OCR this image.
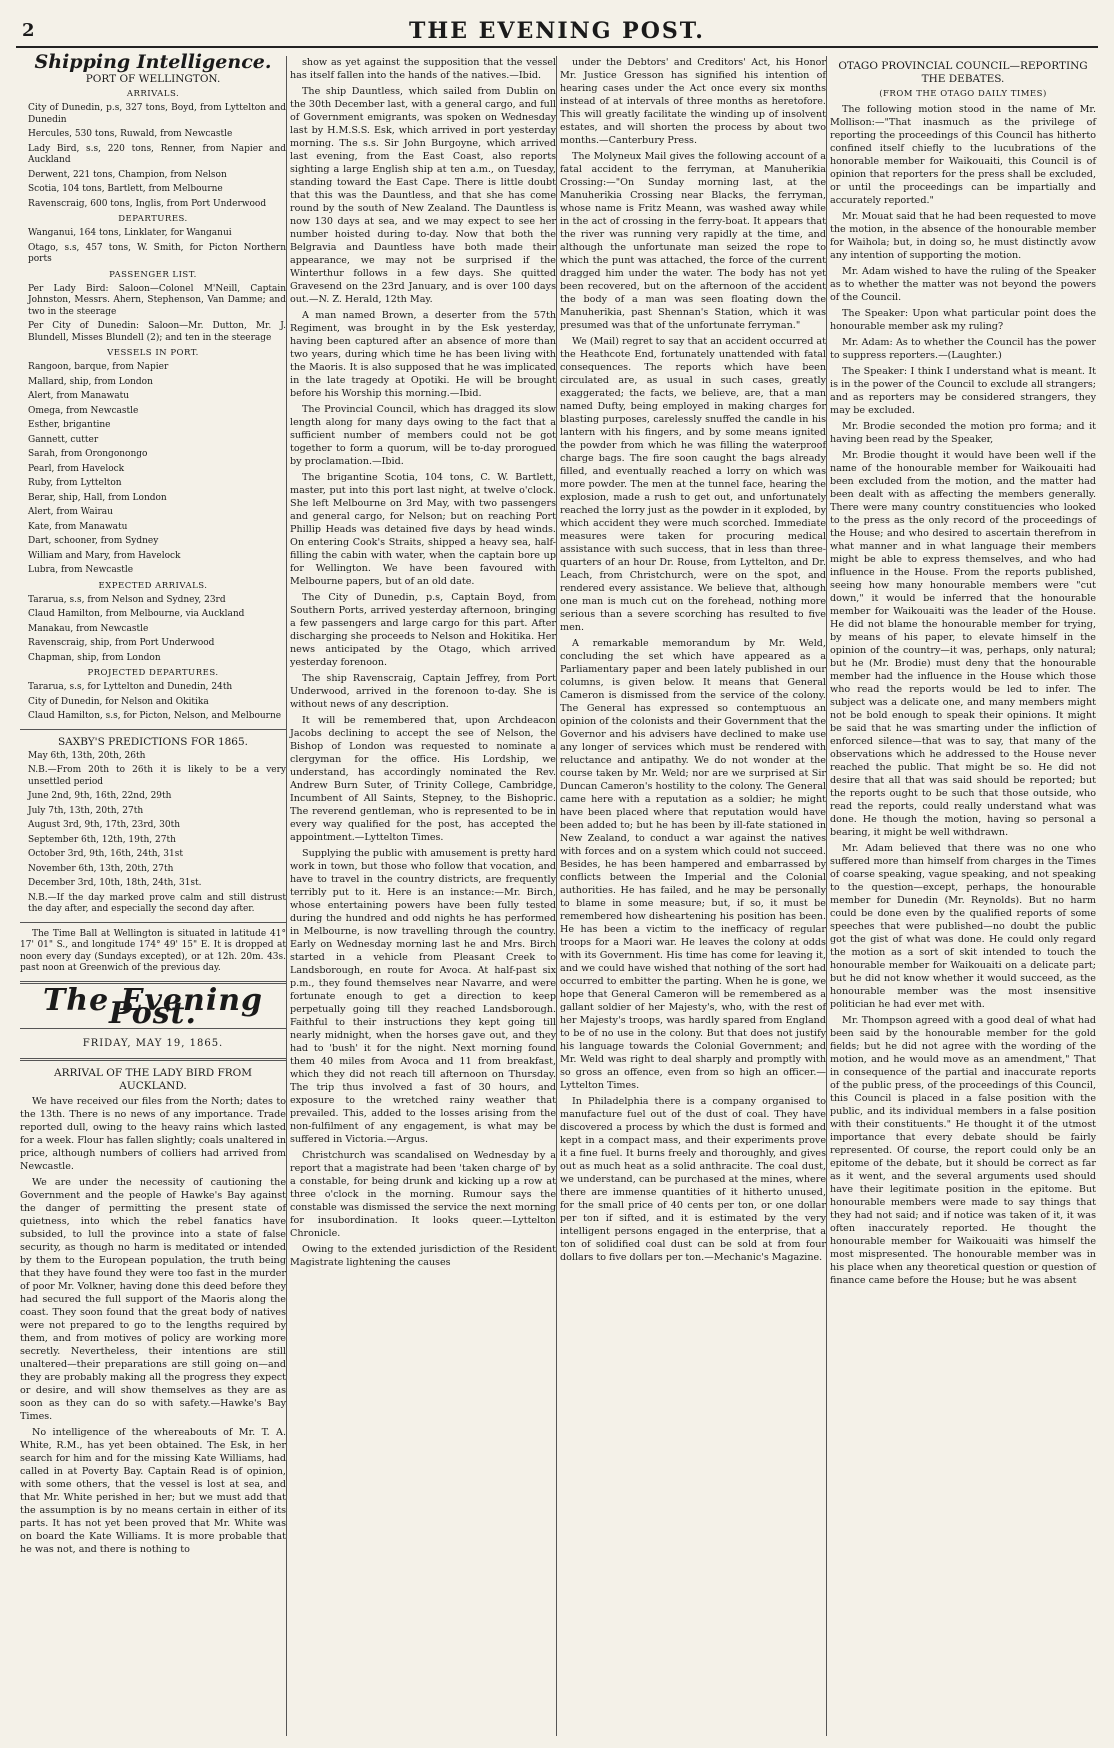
2	THE EVENING POST.
Shipping Intelligence.
PORT OF WELLINGTON.
ARRIVALS.

City of Dunedin, p.s, 327 tons, Boyd, from Lyttelton and Dunedin

Hercules, 530 tons, Ruwald, from Newcastle

Lady Bird, s.s, 220 tons, Renner, from Napier and Auckland

Derwent, 221 tons, Champion, from Nelson

Scotia, 104 tons, Bartlett, from Melbourne

Ravenscraig, 600 tons, Inglis, from Port Underwood

DEPARTURES.

Wanganui, 164 tons, Linklater, for Wanganui

Otago, s.s, 457 tons, W. Smith, for Picton Northern ports

PASSENGER LIST.

Per Lady Bird: Saloon—Colonel M'Neill, Captain Johnston, Messrs. Ahern, Stephenson, Van Damme; and two in the steerage

Per City of Dunedin: Saloon—Mr. Dutton, Mr. J. Blundell, Misses Blundell (2); and ten in the steerage

VESSELS IN PORT.

Rangoon, barque, from Napier

Mallard, ship, from London

Alert, from Manawatu

Omega, from Newcastle

Esther, brigantine

Gannett, cutter

Sarah, from Orongonongo

Pearl, from Havelock

Ruby, from Lyttelton

Berar, ship, Hall, from London

Alert, from Wairau

Kate, from Manawatu

Dart, schooner, from Sydney

William and Mary, from Havelock

Lubra, from Newcastle

EXPECTED ARRIVALS.

Tararua, s.s, from Nelson and Sydney, 23rd

Claud Hamilton, from Melbourne, via Auckland

Manakau, from Newcastle

Ravenscraig, ship, from Port Underwood

Chapman, ship, from London

PROJECTED DEPARTURES.

Tararua, s.s, for Lyttelton and Dunedin, 24th

City of Dunedin, for Nelson and Okitika

Claud Hamilton, s.s, for Picton, Nelson, and Melbourne

SAXBY'S PREDICTIONS FOR 1865.

May 6th, 13th, 20th, 26th

N.B.—From 20th to 26th it is likely to be a very unsettled period

June 2nd, 9th, 16th, 22nd, 29th

July 7th, 13th, 20th, 27th

August 3rd, 9th, 17th, 23rd, 30th

September 6th, 12th, 19th, 27th

October 3rd, 9th, 16th, 24th, 31st

November 6th, 13th, 20th, 27th

December 3rd, 10th, 18th, 24th, 31st.

N.B.—If the day marked prove calm and still distrust the day after, and especially the second day after.

The Time Ball at Wellington is situated in latitude 41° 17' 01" S., and longitude 174° 49' 15" E. It is dropped at noon every day (Sundays excepted), or at 12h. 20m. 43s. past noon at Greenwich of the previous day.

The Evening Post.
FRIDAY, MAY 19, 1865.
ARRIVAL OF THE LADY BIRD FROM AUCKLAND.

We have received our files from the North; dates to the 13th. There is no news of any importance. Trade reported dull, owing to the heavy rains which lasted for a week. Flour has fallen slightly; coals unaltered in price, although numbers of colliers had arrived from Newcastle.

We are under the necessity of cautioning the Government and the people of Hawke's Bay against the danger of permitting the present state of quietness, into which the rebel fanatics have subsided, to lull the province into a state of false security, as though no harm is meditated or intended by them to the European population, the truth being that they have found they were too fast in the murder of poor Mr. Volkner, having done this deed before they had secured the full support of the Maoris along the coast. They soon found that the great body of natives were not prepared to go to the lengths required by them, and from motives of policy are working more secretly. Nevertheless, their intentions are still unaltered—their preparations are still going on—and they are probably making all the progress they expect or desire, and will show themselves as they are as soon as they can do so with safety.—Hawke's Bay Times.

No intelligence of the whereabouts of Mr. T. A. White, R.M., has yet been obtained. The Esk, in her search for him and for the missing Kate Williams, had called in at Poverty Bay. Captain Read is of opinion, with some others, that the vessel is lost at sea, and that Mr. White perished in her; but we must add that the assumption is by no means certain in either of its parts. It has not yet been proved that Mr. White was on board the Kate Williams. It is more probable that he was not, and there is nothing to

show as yet against the supposition that the vessel has itself fallen into the hands of the natives.—Ibid.

The ship Dauntless, which sailed from Dublin on the 30th December last, with a general cargo, and full of Government emigrants, was spoken on Wednesday last by H.M.S.S. Esk, which arrived in port yesterday morning. The s.s. Sir John Burgoyne, which arrived last evening, from the East Coast, also reports sighting a large English ship at ten a.m., on Tuesday, standing toward the East Cape. There is little doubt that this was the Dauntless, and that she has come round by the south of New Zealand. The Dauntless is now 130 days at sea, and we may expect to see her number hoisted during to-day. Now that both the Belgravia and Dauntless have both made their appearance, we may not be surprised if the Winterthur follows in a few days. She quitted Gravesend on the 23rd January, and is over 100 days out.—N. Z. Herald, 12th May.

A man named Brown, a deserter from the 57th Regiment, was brought in by the Esk yesterday, having been captured after an absence of more than two years, during which time he has been living with the Maoris. It is also supposed that he was implicated in the late tragedy at Opotiki. He will be brought before his Worship this morning.—Ibid.

The Provincial Council, which has dragged its slow length along for many days owing to the fact that a sufficient number of members could not be got together to form a quorum, will be to-day prorogued by proclamation.—Ibid.

The brigantine Scotia, 104 tons, C. W. Bartlett, master, put into this port last night, at twelve o'clock. She left Melbourne on 3rd May, with two passengers and general cargo, for Nelson; but on reaching Port Phillip Heads was detained five days by head winds. On entering Cook's Straits, shipped a heavy sea, half-filling the cabin with water, when the captain bore up for Wellington. We have been favoured with Melbourne papers, but of an old date.

The City of Dunedin, p.s, Captain Boyd, from Southern Ports, arrived yesterday afternoon, bringing a few passengers and large cargo for this part. After discharging she proceeds to Nelson and Hokitika. Her news anticipated by the Otago, which arrived yesterday forenoon.

The ship Ravenscraig, Captain Jeffrey, from Port Underwood, arrived in the forenoon to-day. She is without news of any description.

It will be remembered that, upon Archdeacon Jacobs declining to accept the see of Nelson, the Bishop of London was requested to nominate a clergyman for the office. His Lordship, we understand, has accordingly nominated the Rev. Andrew Burn Suter, of Trinity College, Cambridge, Incumbent of All Saints, Stepney, to the Bishopric. The reverend gentleman, who is represented to be in every way qualified for the post, has accepted the appointment.—Lyttelton Times.

Supplying the public with amusement is pretty hard work in town, but those who follow that vocation, and have to travel in the country districts, are frequently terribly put to it. Here is an instance:—Mr. Birch, whose entertaining powers have been fully tested during the hundred and odd nights he has performed in Melbourne, is now travelling through the country. Early on Wednesday morning last he and Mrs. Birch started in a vehicle from Pleasant Creek to Landsborough, en route for Avoca. At half-past six p.m., they found themselves near Navarre, and were fortunate enough to get a direction to keep perpetually going till they reached Landsborough. Faithful to their instructions they kept going till nearly midnight, when the horses gave out, and they had to 'bush' it for the night. Next morning found them 40 miles from Avoca and 11 from breakfast, which they did not reach till afternoon on Thursday. The trip thus involved a fast of 30 hours, and exposure to the wretched rainy weather that prevailed. This, added to the losses arising from the non-fulfilment of any engagement, is what may be suffered in Victoria.—Argus.

Christchurch was scandalised on Wednesday by a report that a magistrate had been 'taken charge of' by a constable, for being drunk and kicking up a row at three o'clock in the morning. Rumour says the constable was dismissed the service the next morning for insubordination. It looks queer.—Lyttelton Chronicle.

Owing to the extended jurisdiction of the Resident Magistrate lightening the causes

under the Debtors' and Creditors' Act, his Honor Mr. Justice Gresson has signified his intention of hearing cases under the Act once every six months instead of at intervals of three months as heretofore. This will greatly facilitate the winding up of insolvent estates, and will shorten the process by about two months.—Canterbury Press.

The Molyneux Mail gives the following account of a fatal accident to the ferryman, at Manuherikia Crossing:—"On Sunday morning last, at the Manuherikia Crossing near Blacks, the ferryman, whose name is Fritz Meann, was washed away while in the act of crossing in the ferry-boat. It appears that the river was running very rapidly at the time, and although the unfortunate man seized the rope to which the punt was attached, the force of the current dragged him under the water. The body has not yet been recovered, but on the afternoon of the accident the body of a man was seen floating down the Manuherikia, past Shennan's Station, which it was presumed was that of the unfortunate ferryman."

We (Mail) regret to say that an accident occurred at the Heathcote End, fortunately unattended with fatal consequences. The reports which have been circulated are, as usual in such cases, greatly exaggerated; the facts, we believe, are, that a man named Dufty, being employed in making charges for blasting purposes, carelessly snuffed the candle in his lantern with his fingers, and by some means ignited the powder from which he was filling the waterproof charge bags. The fire soon caught the bags already filled, and eventually reached a lorry on which was more powder. The men at the tunnel face, hearing the explosion, made a rush to get out, and unfortunately reached the lorry just as the powder in it exploded, by which accident they were much scorched. Immediate measures were taken for procuring medical assistance with such success, that in less than three-quarters of an hour Dr. Rouse, from Lyttelton, and Dr. Leach, from Christchurch, were on the spot, and rendered every assistance. We believe that, although one man is much cut on the forehead, nothing more serious than a severe scorching has resulted to five men.

A remarkable memorandum by Mr. Weld, concluding the set which have appeared as a Parliamentary paper and been lately published in our columns, is given below. It means that General Cameron is dismissed from the service of the colony. The General has expressed so contemptuous an opinion of the colonists and their Government that the Governor and his advisers have declined to make use any longer of services which must be rendered with reluctance and antipathy. We do not wonder at the course taken by Mr. Weld; nor are we surprised at Sir Duncan Cameron's hostility to the colony. The General came here with a reputation as a soldier; he might have been placed where that reputation would have been added to; but he has been by ill-fate stationed in New Zealand, to conduct a war against the natives with forces and on a system which could not succeed. Besides, he has been hampered and embarrassed by conflicts between the Imperial and the Colonial authorities. He has failed, and he may be personally to blame in some measure; but, if so, it must be remembered how disheartening his position has been. He has been a victim to the inefficacy of regular troops for a Maori war. He leaves the colony at odds with its Government. His time has come for leaving it, and we could have wished that nothing of the sort had occurred to embitter the parting. When he is gone, we hope that General Cameron will be remembered as a gallant soldier of her Majesty's, who, with the rest of her Majesty's troops, was hardly spared from England to be of no use in the colony. But that does not justify his language towards the Colonial Government; and Mr. Weld was right to deal sharply and promptly with so gross an offence, even from so high an officer.—Lyttelton Times.

In Philadelphia there is a company organised to manufacture fuel out of the dust of coal. They have discovered a process by which the dust is formed and kept in a compact mass, and their experiments prove it a fine fuel. It burns freely and thoroughly, and gives out as much heat as a solid anthracite. The coal dust, we understand, can be purchased at the mines, where there are immense quantities of it hitherto unused, for the small price of 40 cents per ton, or one dollar per ton if sifted, and it is estimated by the very intelligent persons engaged in the enterprise, that a ton of solidified coal dust can be sold at from four dollars to five dollars per ton.—Mechanic's Magazine.

OTAGO PROVINCIAL COUNCIL—REPORTING THE DEBATES.
(FROM THE OTAGO DAILY TIMES)

The following motion stood in the name of Mr. Mollison:—"That inasmuch as the privilege of reporting the proceedings of this Council has hitherto confined itself chiefly to the lucubrations of the honorable member for Waikouaiti, this Council is of opinion that reporters for the press shall be excluded, or until the proceedings can be impartially and accurately reported."

Mr. Mouat said that he had been requested to move the motion, in the absence of the honourable member for Waihola; but, in doing so, he must distinctly avow any intention of supporting the motion.

Mr. Adam wished to have the ruling of the Speaker as to whether the matter was not beyond the powers of the Council.

The Speaker: Upon what particular point does the honourable member ask my ruling?

Mr. Adam: As to whether the Council has the power to suppress reporters.—(Laughter.)

The Speaker: I think I understand what is meant. It is in the power of the Council to exclude all strangers; and as reporters may be considered strangers, they may be excluded.

Mr. Brodie seconded the motion pro forma; and it having been read by the Speaker,

Mr. Brodie thought it would have been well if the name of the honourable member for Waikouaiti had been excluded from the motion, and the matter had been dealt with as affecting the members generally. There were many country constituencies who looked to the press as the only record of the proceedings of the House; and who desired to ascertain therefrom in what manner and in what language their members might be able to express themselves, and who had influence in the House. From the reports published, seeing how many honourable members were "cut down," it would be inferred that the honourable member for Waikouaiti was the leader of the House. He did not blame the honourable member for trying, by means of his paper, to elevate himself in the opinion of the country—it was, perhaps, only natural; but he (Mr. Brodie) must deny that the honourable member had the influence in the House which those who read the reports would be led to infer. The subject was a delicate one, and many members might not be bold enough to speak their opinions. It might be said that he was smarting under the infliction of enforced silence—that was to say, that many of the observations which he addressed to the House never reached the public. That might be so. He did not desire that all that was said should be reported; but the reports ought to be such that those outside, who read the reports, could really understand what was done. He though the motion, having so personal a bearing, it might be well withdrawn.

Mr. Adam believed that there was no one who suffered more than himself from charges in the Times of coarse speaking, vague speaking, and not speaking to the question—except, perhaps, the honourable member for Dunedin (Mr. Reynolds). But no harm could be done even by the qualified reports of some speeches that were published—no doubt the public got the gist of what was done. He could only regard the motion as a sort of skit intended to touch the honourable member for Waikouaiti on a delicate part; but he did not know whether it would succeed, as the honourable member was the most insensitive politician he had ever met with.

Mr. Thompson agreed with a good deal of what had been said by the honourable member for the gold fields; but he did not agree with the wording of the motion, and he would move as an amendment," That in consequence of the partial and inaccurate reports of the public press, of the proceedings of this Council, this Council is placed in a false position with the public, and its individual members in a false position with their constituents." He thought it of the utmost importance that every debate should be fairly represented. Of course, the report could only be an epitome of the debate, but it should be correct as far as it went, and the several arguments used should have their legitimate position in the epitome. But honourable members were made to say things that they had not said; and if notice was taken of it, it was often inaccurately reported. He thought the honourable member for Waikouaiti was himself the most mispresented. The honourable member was in his place when any theoretical question or question of finance came before the House; but he was absent
